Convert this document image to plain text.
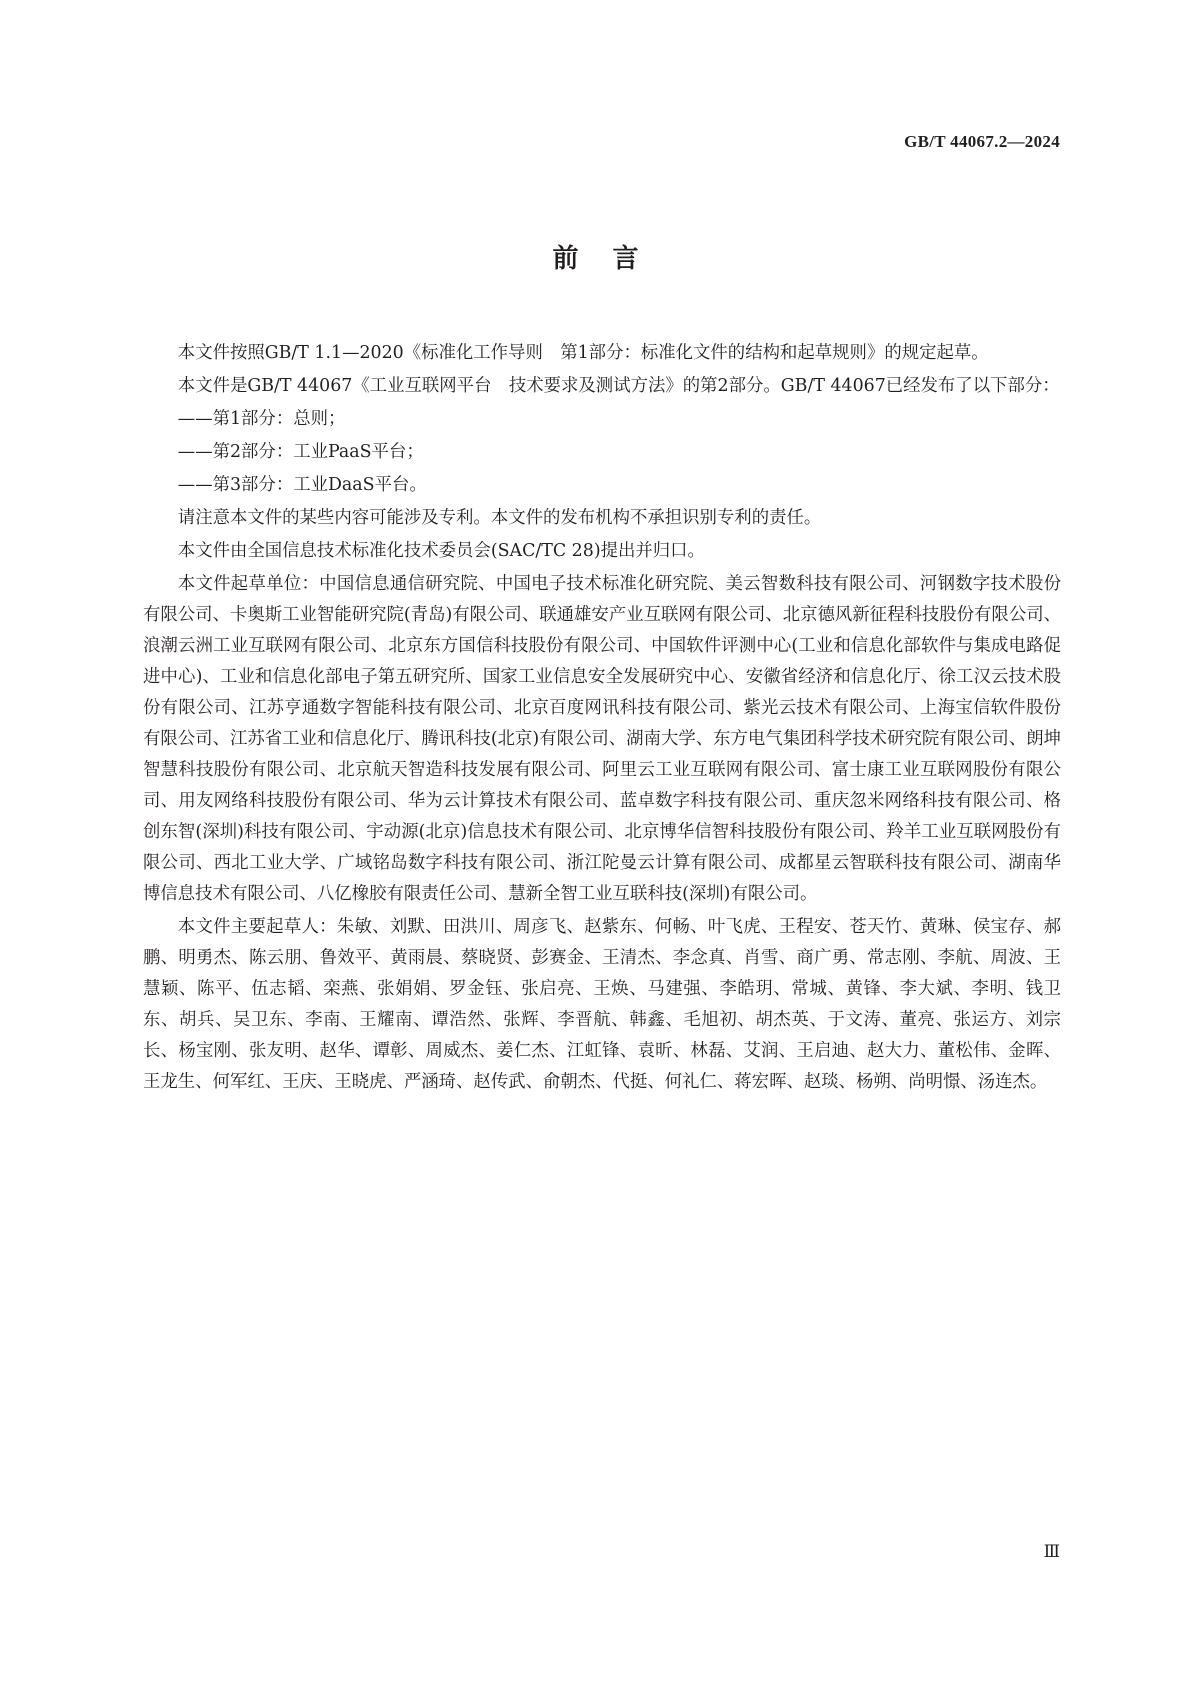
GB/T 44067.2—2024
前言

本文件按照GB/T 1.1—2020《标准化工作导则　第1部分：标准化文件的结构和起草规则》的规定起草。

本文件是GB/T 44067《工业互联网平台　技术要求及测试方法》的第2部分。GB/T 44067已经发布了以下部分：

——第1部分：总则；

——第2部分：工业PaaS平台；

——第3部分：工业DaaS平台。

请注意本文件的某些内容可能涉及专利。本文件的发布机构不承担识别专利的责任。

本文件由全国信息技术标准化技术委员会(SAC/TC 28)提出并归口。

本文件起草单位：中国信息通信研究院、中国电子技术标准化研究院、美云智数科技有限公司、河钢数字技术股份有限公司、卡奥斯工业智能研究院(青岛)有限公司、联通雄安产业互联网有限公司、北京德风新征程科技股份有限公司、浪潮云洲工业互联网有限公司、北京东方国信科技股份有限公司、中国软件评测中心(工业和信息化部软件与集成电路促进中心)、工业和信息化部电子第五研究所、国家工业信息安全发展研究中心、安徽省经济和信息化厅、徐工汉云技术股份有限公司、江苏亨通数字智能科技有限公司、北京百度网讯科技有限公司、紫光云技术有限公司、上海宝信软件股份有限公司、江苏省工业和信息化厅、腾讯科技(北京)有限公司、湖南大学、东方电气集团科学技术研究院有限公司、朗坤智慧科技股份有限公司、北京航天智造科技发展有限公司、阿里云工业互联网有限公司、富士康工业互联网股份有限公司、用友网络科技股份有限公司、华为云计算技术有限公司、蓝卓数字科技有限公司、重庆忽米网络科技有限公司、格创东智(深圳)科技有限公司、宇动源(北京)信息技术有限公司、北京博华信智科技股份有限公司、羚羊工业互联网股份有限公司、西北工业大学、广域铭岛数字科技有限公司、浙江陀曼云计算有限公司、成都星云智联科技有限公司、湖南华博信息技术有限公司、八亿橡胶有限责任公司、慧新全智工业互联科技(深圳)有限公司。

本文件主要起草人：朱敏、刘默、田洪川、周彦飞、赵紫东、何畅、叶飞虎、王程安、苍天竹、黄琳、侯宝存、郝鹏、明勇杰、陈云朋、鲁效平、黄雨晨、蔡晓贤、彭赛金、王清杰、李念真、肖雪、商广勇、常志刚、李航、周波、王慧颖、陈平、伍志韬、栾燕、张娟娟、罗金钰、张启亮、王焕、马建强、李皓玥、常城、黄锋、李大斌、李明、钱卫东、胡兵、吴卫东、李南、王耀南、谭浩然、张辉、李晋航、韩鑫、毛旭初、胡杰英、于文涛、董亮、张运方、刘宗长、杨宝刚、张友明、赵华、谭彰、周威杰、姜仁杰、江虹锋、袁昕、林磊、艾润、王启迪、赵大力、董松伟、金晖、王龙生、何军红、王庆、王晓虎、严涵琦、赵传武、俞朝杰、代挺、何礼仁、蒋宏晖、赵琰、杨朔、尚明憬、汤连杰。

Ⅲ
